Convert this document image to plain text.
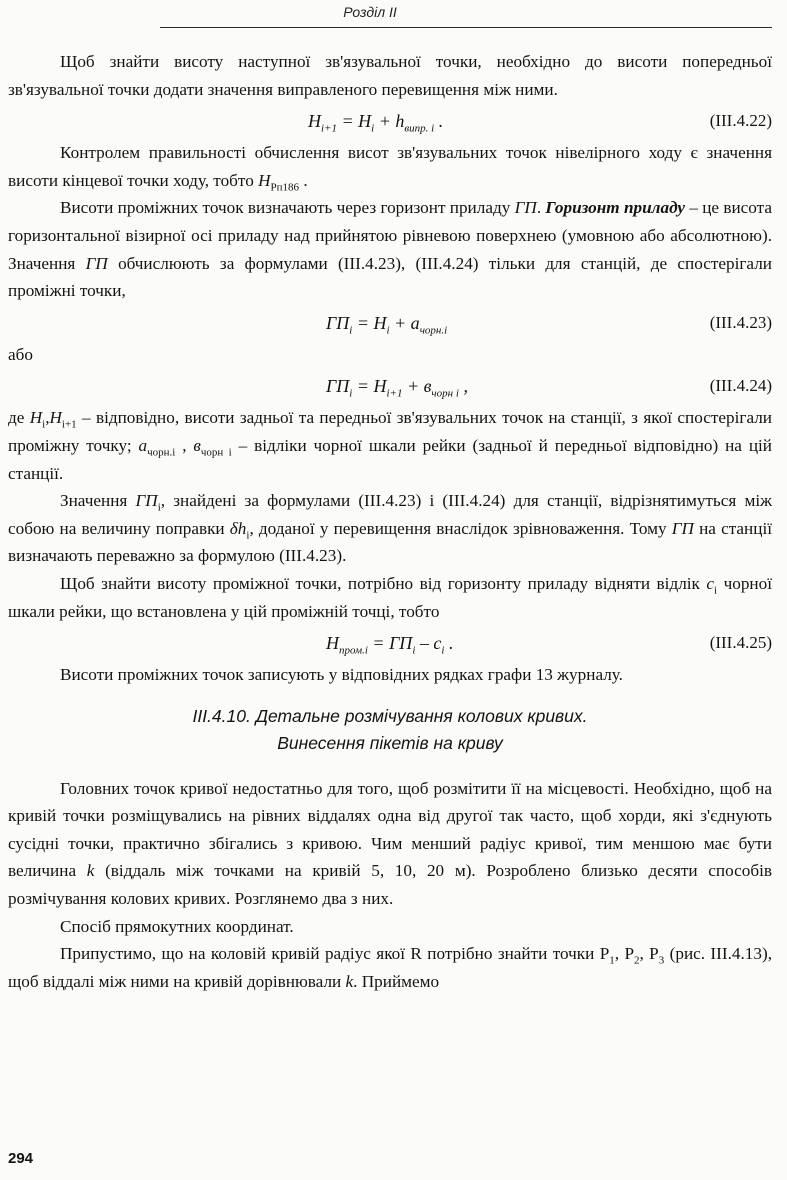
Розділ ІІ

Щоб знайти висоту наступної зв'язувальної точки, необхідно до висоти попередньої зв'язувальної точки додати значення виправленого перевищення між ними.

$H_{i+1} = H_i + h_{випр. і}$ .	(ІІІ.4.22)

Контролем правильності обчислення висот зв'язувальних точок нівелірного ходу є значення висоти кінцевої точки ходу, тобто $H_{Pп186}$ .

Висоти проміжних точок визначають через горизонт приладу ГП. Горизонт приладу – це висота горизонтальної візирної осі приладу над прийнятою рівневою поверхнею (умовною або абсолютною). Значення ГП обчислюють за формулами (ІІІ.4.23), (ІІІ.4.24) тільки для станцій, де спостерігали проміжні точки,

$ГП_i = H_i + a_{чорн.і}$	(ІІІ.4.23)

або

$ГП_i = H_{i+1} + в_{чорн і}$ ,	(ІІІ.4.24)

де $H_i,H_{i+1}$ – відповідно, висоти задньої та передньої зв'язувальних точок на станції, з якої спостерігали проміжну точку; $a_{чорн.і}$ , $в_{чорн і}$ – відліки чорної шкали рейки (задньої й передньої відповідно) на цій станції.

Значення $ГП_і$, знайдені за формулами (ІІІ.4.23) і (ІІІ.4.24) для станції, відрізнятимуться між собою на величину поправки $\delta h_i$, доданої у перевищення внаслідок зрівноваження. Тому ГП на станції визначають переважно за формулою (ІІІ.4.23).

Щоб знайти висоту проміжної точки, потрібно від горизонту приладу відняти відлік $c_i$ чорної шкали рейки, що встановлена у цій проміжній точці, тобто

$H_{пром.і} = ГП_i - c_i$ .	(ІІІ.4.25)

Висоти проміжних точок записують у відповідних рядках графи 13 журналу.

ІІІ.4.10. Детальне розмічування колових кривих.
Винесення пікетів на криву

Головних точок кривої недостатньо для того, щоб розмітити її на місцевості. Необхідно, щоб на кривій точки розміщувались на рівних віддалях одна від другої так часто, щоб хорди, які з'єднують сусідні точки, практично збігались з кривою. Чим менший радіус кривої, тим меншою має бути величина k (віддаль між точками на кривій 5, 10, 20 м). Розроблено близько десяти способів розмічування колових кривих. Розглянемо два з них.

Спосіб прямокутних координат.

Припустимо, що на коловій кривій радіус якої R потрібно знайти точки $P_1$, $P_2$, $P_3$ (рис. ІІІ.4.13), щоб віддалі між ними на кривій дорівнювали k. Приймемо

294
